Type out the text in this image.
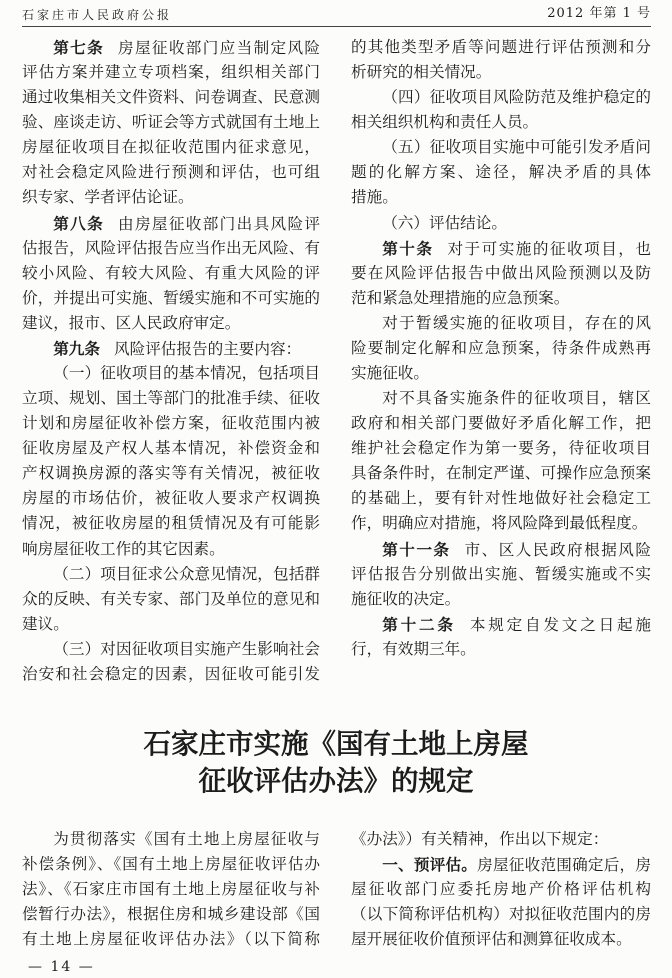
石家庄市人民政府公报	2012 年第 1 号
第七条 房屋征收部门应当制定风险
评估方案并建立专项档案，组织相关部门
通过收集相关文件资料、问卷调查、民意测
验、座谈走访、听证会等方式就国有土地上
房屋征收项目在拟征收范围内征求意见，
对社会稳定风险进行预测和评估，也可组
织专家、学者评估论证。
第八条 由房屋征收部门出具风险评
估报告，风险评估报告应当作出无风险、有
较小风险、有较大风险、有重大风险的评
价，并提出可实施、暂缓实施和不可实施的
建议，报市、区人民政府审定。
第九条 风险评估报告的主要内容：
（一）征收项目的基本情况，包括项目
立项、规划、国土等部门的批准手续、征收
计划和房屋征收补偿方案，征收范围内被
征收房屋及产权人基本情况，补偿资金和
产权调换房源的落实等有关情况，被征收
房屋的市场估价，被征收人要求产权调换
情况，被征收房屋的租赁情况及有可能影
响房屋征收工作的其它因素。
（二）项目征求公众意见情况，包括群
众的反映、有关专家、部门及单位的意见和
建议。
（三）对因征收项目实施产生影响社会
治安和社会稳定的因素，因征收可能引发
的其他类型矛盾等问题进行评估预测和分
析研究的相关情况。
（四）征收项目风险防范及维护稳定的
相关组织机构和责任人员。
（五）征收项目实施中可能引发矛盾问
题的化解方案、途径，解决矛盾的具体
措施。
（六）评估结论。
第十条 对于可实施的征收项目，也
要在风险评估报告中做出风险预测以及防
范和紧急处理措施的应急预案。
对于暂缓实施的征收项目，存在的风
险要制定化解和应急预案，待条件成熟再
实施征收。
对不具备实施条件的征收项目，辖区
政府和相关部门要做好矛盾化解工作，把
维护社会稳定作为第一要务，待征收项目
具备条件时，在制定严谨、可操作应急预案
的基础上，要有针对性地做好社会稳定工
作，明确应对措施，将风险降到最低程度。
第十一条 市、区人民政府根据风险
评估报告分别做出实施、暂缓实施或不实
施征收的决定。
第十二条 本规定自发文之日起施
行，有效期三年。
石家庄市实施《国有土地上房屋
征收评估办法》的规定
为贯彻落实《国有土地上房屋征收与
补偿条例》、《国有土地上房屋征收评估办
法》、《石家庄市国有土地上房屋征收与补
偿暂行办法》，根据住房和城乡建设部《国
有土地上房屋征收评估办法》（以下简称
《办法》）有关精神，作出以下规定：
一、预评估。房屋征收范围确定后，房
屋征收部门应委托房地产价格评估机构
（以下简称评估机构）对拟征收范围内的房
屋开展征收价值预评估和测算征收成本。
— 14 —
